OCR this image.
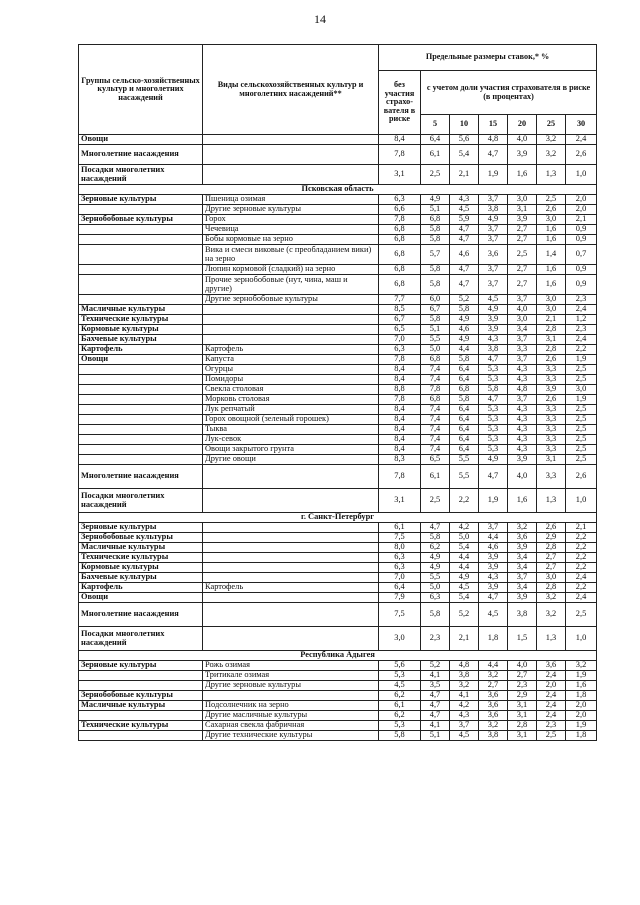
14
Группы сельско-хозяйственных культур и многолетних насаждений	Виды сельскохозяйственных культур и многолетних насаждений**	Предельные размеры ставок,* %						
		без участия страхо-вателя в риске	с учетом доли участия страхователя в риске (в процентах)					
			5	10	15	20	25	30
Овощи		8,4	6,4	5,6	4,8	4,0	3,2	2,4
Многолетние насаждения		7,8	6,1	5,4	4,7	3,9	3,2	2,6
Посадки многолетних насаждений		3,1	2,5	2,1	1,9	1,6	1,3	1,0
Псковская область								
Зерновые культуры	Пшеница озимая	6,3	4,9	4,3	3,7	3,0	2,5	2,0
	Другие зерновые культуры	6,6	5,1	4,5	3,8	3,1	2,6	2,0
Зернобобовые культуры	Горох	7,8	6,8	5,9	4,9	3,9	3,0	2,1
	Чечевица	6,8	5,8	4,7	3,7	2,7	1,6	0,9
	Бобы кормовые на зерно	6,8	5,8	4,7	3,7	2,7	1,6	0,9
	Вика и смеси виковые (с преобладанием вики) на зерно	6,8	5,7	4,6	3,6	2,5	1,4	0,7
	Люпин кормовой (сладкий) на зерно	6,8	5,8	4,7	3,7	2,7	1,6	0,9
	Прочие зернобобовые (нут, чина, маш и другие)	6,8	5,8	4,7	3,7	2,7	1,6	0,9
	Другие зернобобовые культуры	7,7	6,0	5,2	4,5	3,7	3,0	2,3
Масличные культуры		8,5	6,7	5,8	4,9	4,0	3,0	2,4
Технические культуры		6,7	5,8	4,9	3,9	3,0	2,1	1,2
Кормовые культуры		6,5	5,1	4,6	3,9	3,4	2,8	2,3
Бахчевые культуры		7,0	5,5	4,9	4,3	3,7	3,1	2,4
Картофель	Картофель	6,3	5,0	4,4	3,8	3,3	2,8	2,2
Овощи	Капуста	7,8	6,8	5,8	4,7	3,7	2,6	1,9
	Огурцы	8,4	7,4	6,4	5,3	4,3	3,3	2,5
	Помидоры	8,4	7,4	6,4	5,3	4,3	3,3	2,5
	Свекла столовая	8,8	7,8	6,8	5,8	4,8	3,9	3,0
	Морковь столовая	7,8	6,8	5,8	4,7	3,7	2,6	1,9
	Лук репчатый	8,4	7,4	6,4	5,3	4,3	3,3	2,5
	Горох овощной (зеленый горошек)	8,4	7,4	6,4	5,3	4,3	3,3	2,5
	Тыква	8,4	7,4	6,4	5,3	4,3	3,3	2,5
	Лук-севок	8,4	7,4	6,4	5,3	4,3	3,3	2,5
	Овощи закрытого грунта	8,4	7,4	6,4	5,3	4,3	3,3	2,5
	Другие овощи	8,3	6,5	5,5	4,9	3,9	3,1	2,5
Многолетние насаждения		7,8	6,1	5,5	4,7	4,0	3,3	2,6
Посадки многолетних насаждений		3,1	2,5	2,2	1,9	1,6	1,3	1,0
г. Санкт-Петербург								
Зерновые культуры		6,1	4,7	4,2	3,7	3,2	2,6	2,1
Зернобобовые культуры		7,5	5,8	5,0	4,4	3,6	2,9	2,2
Масличные культуры		8,0	6,2	5,4	4,6	3,9	2,8	2,2
Технические культуры		6,3	4,9	4,4	3,9	3,4	2,7	2,2
Кормовые культуры		6,3	4,9	4,4	3,9	3,4	2,7	2,2
Бахчевые культуры		7,0	5,5	4,9	4,3	3,7	3,0	2,4
Картофель	Картофель	6,4	5,0	4,5	3,9	3,4	2,8	2,2
Овощи		7,9	6,3	5,4	4,7	3,9	3,2	2,4
Многолетние насаждения		7,5	5,8	5,2	4,5	3,8	3,2	2,5
Посадки многолетних насаждений		3,0	2,3	2,1	1,8	1,5	1,3	1,0
Республика Адыгея								
Зерновые культуры	Рожь озимая	5,6	5,2	4,8	4,4	4,0	3,6	3,2
	Тритикале озимая	5,3	4,1	3,8	3,2	2,7	2,4	1,9
	Другие зерновые культуры	4,5	3,5	3,2	2,7	2,3	2,0	1,6
Зернобобовые культуры		6,2	4,7	4,1	3,6	2,9	2,4	1,8
Масличные культуры	Подсолнечник на зерно	6,1	4,7	4,2	3,6	3,1	2,4	2,0
	Другие масличные культуры	6,2	4,7	4,3	3,6	3,1	2,4	2,0
Технические культуры	Сахарная свекла фабричная	5,3	4,1	3,7	3,2	2,8	2,3	1,9
	Другие технические культуры	5,8	5,1	4,5	3,8	3,1	2,5	1,8
